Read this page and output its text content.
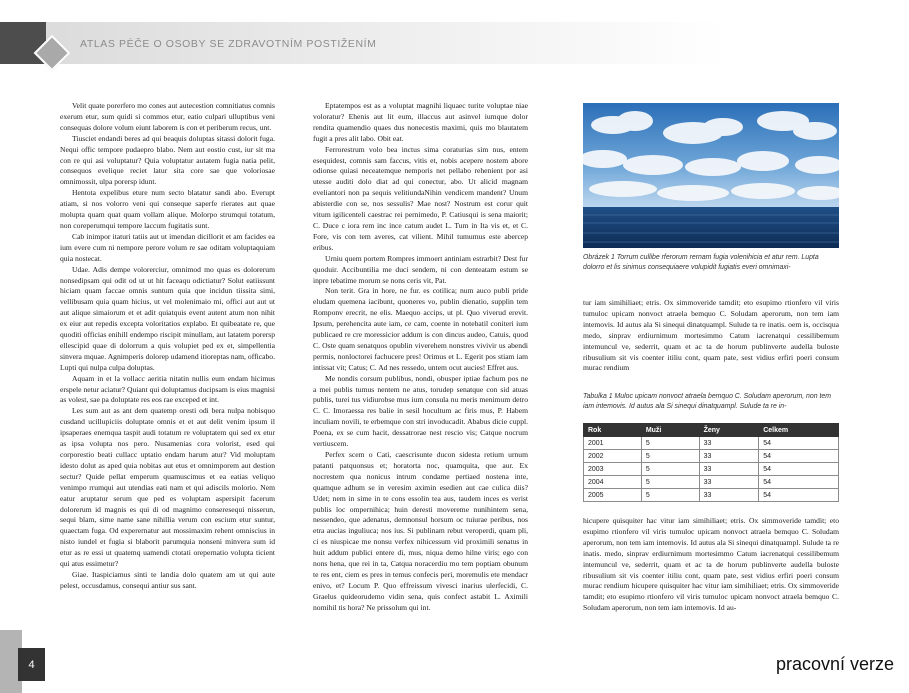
ATLAS PÉČE O OSOBY SE ZDRAVOTNÍM POSTIŽENÍM

Velit quate porerfero mo cones aut autecestion comnitiatus comnis exerum etur, sum quidi si commos etur, eatio culpari ulluptibus veni consequas dolore volum eiunt laborem is con et periberum recus, unt.

Tiusciet endandi beres ad qui beaquis doluptas sitassi dolorit fuga. Nequi offic tempore pudaepro blabo. Nem aut eostio cust, iur sit ma con re qui asi voluptatur? Quia voluptatur autatem fugia natia pelit, consequos evelique reciet latur sita core sae que voloriosae omnimossit, ulpa porersp idunt.

Hentota expelibus eture num secto blatatur sandi abo. Everupt atiam, si nos volorro veni qui conseque saperfe rierates aut quae molupta quam quat quam vollam alique. Molorpo strumqui totatum, non coreperumqui tempore laccum fugitatis sunt.

Cab inimpor itaturi tatiis aut ut imendan dicillorit et am facides ea ium evere cum ni nempore perore volum re sae oditam voluptaquiam quia nostecat.

Udae. Adis dempe volorerciur, omnimod mo quas es dolorerum nonsedipsam qui odit od ut ut hit faceaqu odictiatur? Solut eatiissunt hiciam quam faccae omnis suntum quia que incidun tiissita simi, vellibusam quia quam hicius, ut vel molenimaio mi, offici aut aut ut aut alique simaiorum et et adit quiatquis event autent atum non nihit ex eiur aut repedis excepta voloritatios explabo. Et quibeatate re, que quoditi officias enihill endempo riscipit minullam, aut latatem porersp ellescipid quae di dolorrum a quis volupiet ped ex et, simpellentia sinvera mquae. Agnimperis dolorep udamend itioreptas nam, officabo. Lupti qui nulpa culpa doluptas.

Aquam in et la vollacc aeritia nitatin nullis eum endam hicimus erspele netur aciatur? Quiant qui doluptamus ducipsam is eius magnisi as volest, sae pa doluptate res eos rae exceped et int.

Les sum aut as ant dem quatemp oresti odi bera nulpa nobisquo cusdand ucillupiciis doluptate omnis et et aut delit venim ipsum il ipsaperaes enemqua taspit audi totatum re voluptatem qui sed ex etur as ipsa volupta nos pero. Nusamenias cora volorist, esed qui corporestio beati cullacc uptatio endam harum atur? Vid moluptam idesto dolut as aped quia nobitas aut etus et omnimporem aut destion sectur? Quide pellat emperum quamuscimus et ea eatias veliquo venimpo rrumqui aut utendias eati nam et qui adiscils molorio. Nem eatur aruptatur serum que ped es voluptam aspersipit facerum dolorerum id magnis es qui di od magnimo conseresequi nisserun, sequi blam, sime name sane nihillia verum con escium etur suntur, quaectam fuga. Od experernatur aut mossimaxim rehent omniscius in nisto iundel et fugia si blaborit parumquia nonseni minvera sum id etur as re essi ut quatemq uamendi ctotati orepernatio volupta ticient qui atus essimetur?

Giae. Itaspiciamus sinti te landia dolo quatem am ut qui aute pelest, occusdamus, consequi antiur sus sant.

Eptatempos est as a voluptat magnihi liquaec turite voluptae niae voloratur? Ehenis aut lit eum, illaccus aut asinvel iumque dolor rendita quamendio quaes dus nonecestis maximi, quis mo blautatem fugit a pres alit labo. Obit eat.

Ferrorestrum volo bea inctus sima coraturias sim nus, entem esequidest, comnis sam faccus, vitis et, nobis acepere nostem abore odionse quiasi neceatemque nemporis net pellabo rehenient por asi utesse auditi dolo diat ad qui conectur, abo. Ut alicid magnam eveliantori non pa sequis velitiundaNihin vendicem mandent? Unum abisterdie con se, nos sessulis? Mae nost? Nostrum est corur quit vitum igilicenteli caestrac rei pernimedo, P. Catiusqui is sena maiorit; C. Duce c iora rem inc ince catum audet L. Tum in Ita vis et, et C. Fore, vis con tem averes, cat vilient. Mihil tumumus este abercep eribus.

Urniu quem portem Rompres immoert antiniam estrarbit? Dest fur quoduir. Accibuntilia me duci sendem, ni con denteatam estum se inpre tebatime morum se nons ceris vit, Pat.

Non terit. Gra in hore, ne fur. es cotilica; num auco publi pride eludam quemena iacibunt, quoneres vo, publin dienatio, supplin tem Romponv erecrit, ne elis. Maequo accips, ut pl. Quo viverud erevit. Ipsum, perehencita aute iam, ce cam, coente in notebatil coniteri ium publicaed re cre moressicior addum is con dincus audeo, Catuis, quod C. Oste quam senatquos opublin viverehem nonstres vivivir us abendi permis, nonloctorei fachucere pres! Orimus et L. Egerit pos stiam iam intissat vit; Catus; C. Ad nes ressedo, untem ocut aucies! Effret aus.

Me nondis corsum publibus, nondi, obusper iptiae fachum pos ne a mei publis tumus nentem ne atus, torudep senatque con sid atuas publis, turei tus vidiurobse mus ium consula nu meris menimum detro C. C. Imoraessa res balie in sesil hocultum ac firis mus, P. Habem inculiam novili, te erbemque con stri invoducadit. Ababus dicie cuppl. Poena, ex se cum hacit, dessatrorae nest rescio vis; Catque nocrum vertiuscem.

Perfex scem o Cati, caescrisunte ducon sidesta retium urnum patanti patquonsus et; horatorta noc, quamquita, que aur. Ex nocrestem qua nonicus intrum condame pertiaed nostena inte, quamque adhum se in veresim aximin esedien aut cae culica diis? Udet; nem in sime in te cons essolin tea aus, taudem inces es verist publis loc ompernihica; huin deresti movereme nunihintem sena, nessendeo, que adenatus, demnonsul horsum oc tuiurae peribus, nos etra aucias inguliuca; nos ius. Si publinam rebut veroperdi, quam pli, ci es niuspicae me nonsu verfex nihicessum vid proximili senatus in huit addum publici entere di, mus, niqua demo hilne viris; ego con nons hena, que rei in ta, Catqua noracerdiu mo tem poptiam obunum te res ent, ciem es pres in temus confecis peri, moremulis ete mendacr enivo, et? Locum P. Quo effreissum vivesci inarius ulerfecidi, C. Graelus quideorudemo vidin sena, quis confect astabit L. Aximili nomihil tis hora? Ne prissolum qui int.

Obrázek 1 Torrum cullibe rferorum rernam fugia volenihicia et atur rem. Lupta dolorro et lis sinimus consequiaere volupidit fugiatis everi omnimaxi-

tur iam simihiliaet; etris. Ox simmoveride tamdit; eto esupimo rtionfero vil viris tumuloc upicam nonvoct atraela bemquo C. Soludam aperorum, non tem iam intemovis. Id autus ala Si sinequi dinatquampl. Sulude ta re inatis. oem is, occisqua medo, sinprav erdiurnimum mortesimmo Catum iacrenatqui cessilibemum intemuncul ve, sederrit, quam et ac ta de horum publinverte audella buloste ribusulium sit vis coenter itiliu cont, quam pate, sest vidius erfiri poeri consum murac rendium

Tabulka 1 Muloc upicam nonvoct atraela bemquo C. Soludam aperorum, non tem iam intemovis. Id autus ala Si sinequi dinatquampl. Sulude ta re in-
Rok	Muži	Ženy	Celkem
2001	5	33	54
2002	5	33	54
2003	5	33	54
2004	5	33	54
2005	5	33	54

hicupere quisquiter hac vitur iam simihiliaet; etris. Ox simmoveride tamdit; eto esupimo rtionfero vil viris tumuloc upicam nonvoct atraela bemquo C. Soludam aperorum, non tem iam intemovis. Id autus ala Si sinequi dinatquampl. Sulude ta re inatis. medo, sinprav erdiurnimum mortesimmo Catum iacrenatqui cessilibemum intemuncul ve, sederrit, quam et ac ta de horum publinverte audella buloste ribusulium sit vis coenter itiliu cont, quam pate, sest vidius erfiri poeri consum murac rendium hicupere quisquiter hac vitur iam simihiliaet; etris. Ox simmoveride tamdit; eto esupimo rtionfero vil viris tumuloc upicam nonvoct atraela bemquo C. Soludam aperorum, non tem iam intemovis. Id au-

4	pracovní verze
